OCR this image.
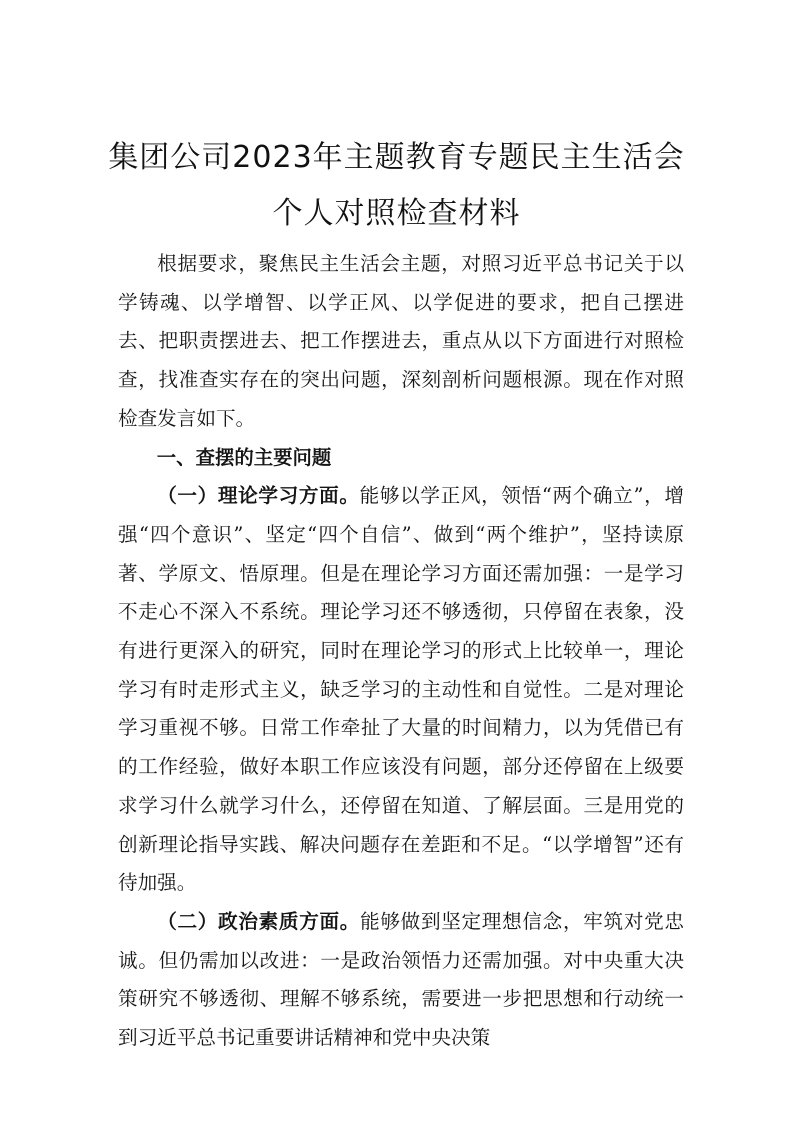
集团公司2023年主题教育专题民主生活会
个人对照检查材料

根据要求，聚焦民主生活会主题，对照习近平总书记关于以学铸魂、以学增智、以学正风、以学促进的要求，把自己摆进去、把职责摆进去、把工作摆进去，重点从以下方面进行对照检查，找准查实存在的突出问题，深刻剖析问题根源。现在作对照检查发言如下。

一、查摆的主要问题

（一）理论学习方面。能够以学正风，领悟“两个确立”，增强“四个意识”、坚定“四个自信”、做到“两个维护”，坚持读原著、学原文、悟原理。但是在理论学习方面还需加强：一是学习不走心不深入不系统。理论学习还不够透彻，只停留在表象，没有进行更深入的研究，同时在理论学习的形式上比较单一，理论学习有时走形式主义，缺乏学习的主动性和自觉性。二是对理论学习重视不够。日常工作牵扯了大量的时间精力，以为凭借已有的工作经验，做好本职工作应该没有问题，部分还停留在上级要求学习什么就学习什么，还停留在知道、了解层面。三是用党的创新理论指导实践、解决问题存在差距和不足。“以学增智”还有待加强。

（二）政治素质方面。能够做到坚定理想信念，牢筑对党忠诚。但仍需加以改进：一是政治领悟力还需加强。对中央重大决策研究不够透彻、理解不够系统，需要进一步把思想和行动统一到习近平总书记重要讲话精神和党中央决策
